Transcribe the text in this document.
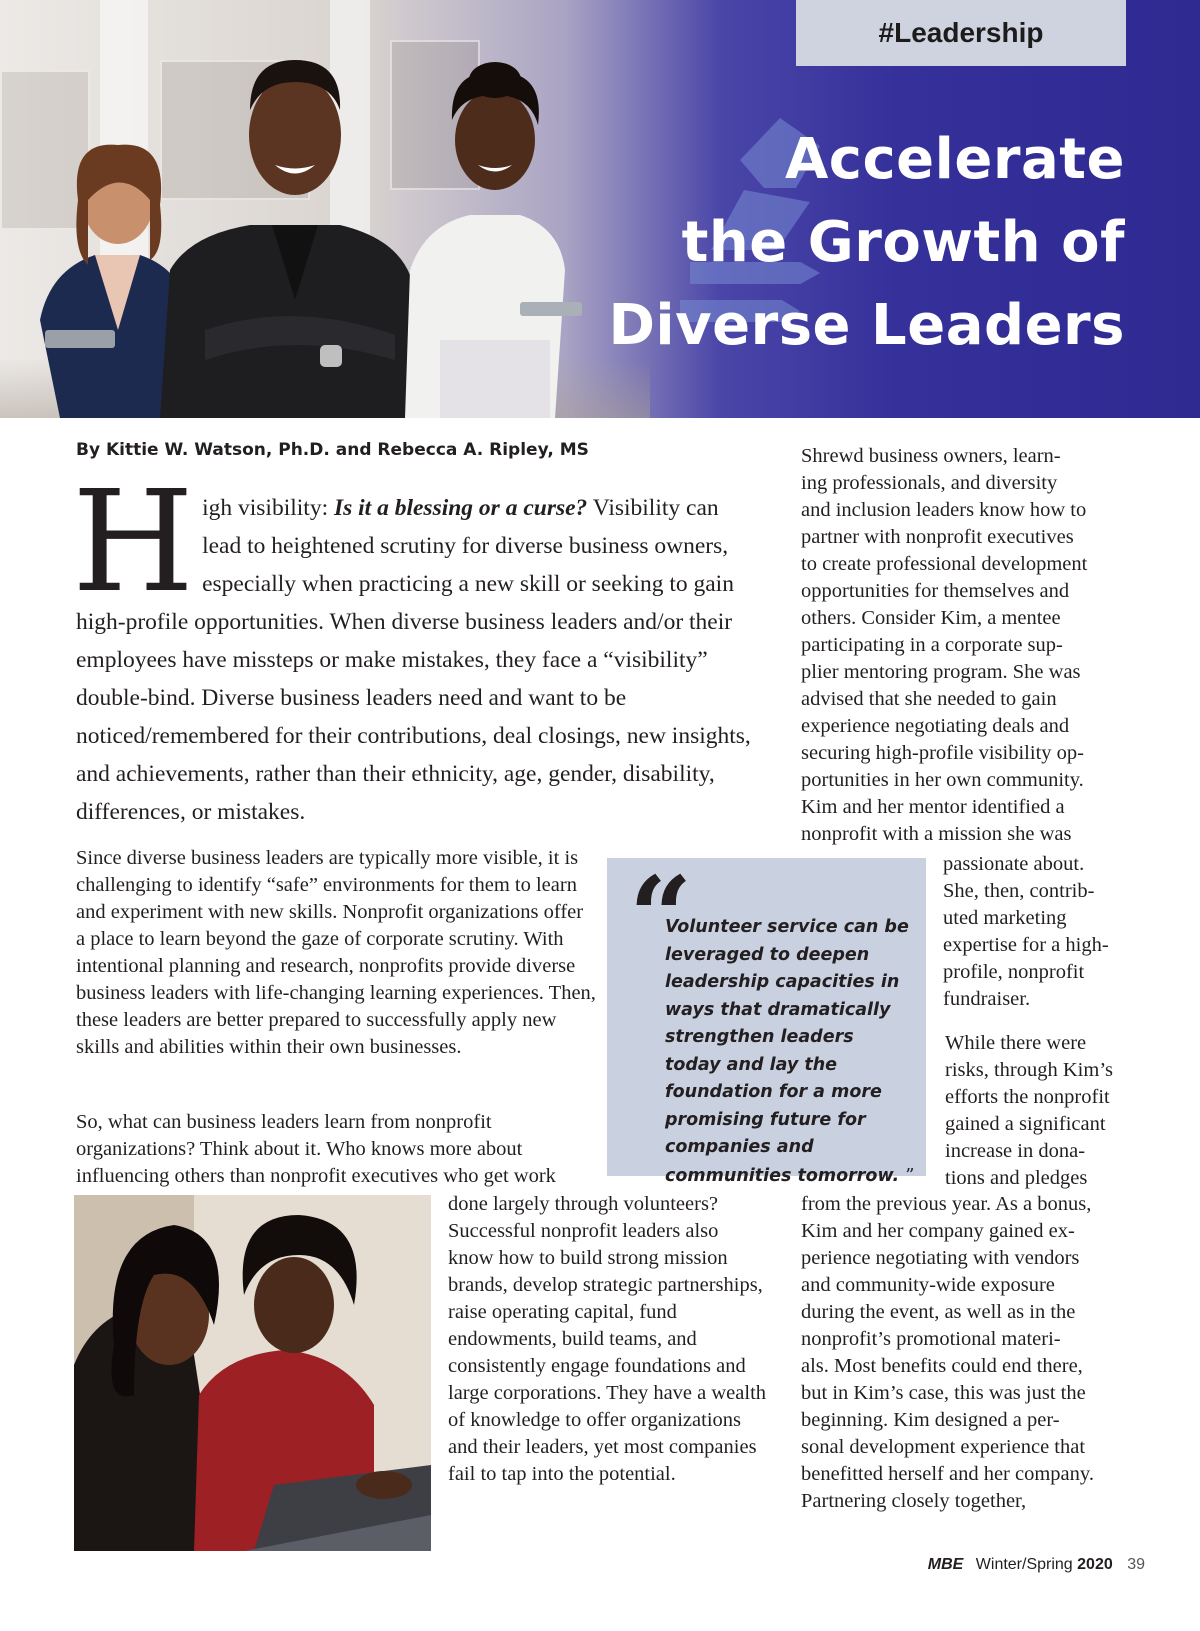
#Leadership
Accelerate
the Growth of
Diverse Leaders
By Kittie W. Watson, Ph.D. and Rebecca A. Ripley, MS
High visibility: Is it a blessing or a curse? Visibility can lead to heightened scrutiny for diverse business owners, especially when practicing a new skill or seeking to gain high-profile opportunities. When diverse business leaders and/or their employees have missteps or make mistakes, they face a “visibility” double-bind. Diverse business leaders need and want to be noticed/remembered for their contributions, deal closings, new insights, and achievements, rather than their ethnicity, age, gender, disability, differences, or mistakes.

Since diverse business leaders are typically more visible, it is challenging to identify “safe” environments for them to learn and experiment with new skills. Nonprofit organizations offer a place to learn beyond the gaze of corporate scrutiny. With intentional planning and research, nonprofits provide diverse business leaders with life-changing learning experiences. Then, these leaders are better prepared to successfully apply new skills and abilities within their own businesses.

So, what can business leaders learn from nonprofit organizations? Think about it. Who knows more about influencing others than nonprofit executives who get work

done largely through volunteers? Successful nonprofit leaders also know how to build strong mission brands, develop strategic partnerships, raise operating capital, fund endowments, build teams, and consistently engage foundations and large corporations. They have a wealth of knowledge to offer organizations and their leaders, yet most companies fail to tap into the potential.

“
Volunteer service can be leveraged to deepen leadership capacities in ways that dramatically strengthen leaders today and lay the foundation for a more promising future for companies and communities tomorrow. ”
Shrewd business owners, learn-
ing professionals, and diversity
and inclusion leaders know how to
partner with nonprofit executives
to create professional development
opportunities for themselves and
others. Consider Kim, a mentee
participating in a corporate sup-
plier mentoring program. She was
advised that she needed to gain
experience negotiating deals and
securing high-profile visibility op-
portunities in her own community.
Kim and her mentor identified a
nonprofit with a mission she was
passionate about.
She, then, contrib-
uted marketing
expertise for a high-
profile, nonprofit
fundraiser.
While there were
risks, through Kim’s
efforts the nonprofit
gained a significant
increase in dona-
tions and pledges
from the previous year. As a bonus,
Kim and her company gained ex-
perience negotiating with vendors
and community-wide exposure
during the event, as well as in the
nonprofit’s promotional materi-
als. Most benefits could end there,
but in Kim’s case, this was just the
beginning. Kim designed a per-
sonal development experience that
benefitted herself and her company.
Partnering closely together,
MBE Winter/Spring 2020 39
